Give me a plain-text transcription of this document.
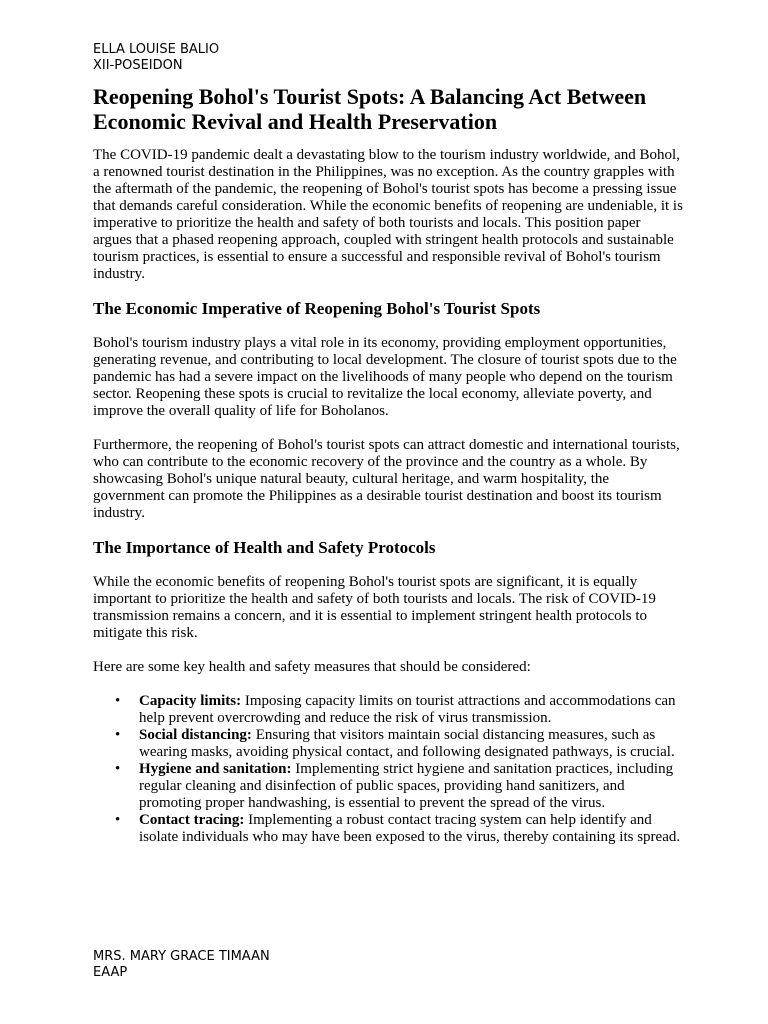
ELLA LOUISE BALIO
XII-POSEIDON
Reopening Bohol's Tourist Spots: A Balancing Act Between Economic Revival and Health Preservation

The COVID-19 pandemic dealt a devastating blow to the tourism industry worldwide, and Bohol, a renowned tourist destination in the Philippines, was no exception. As the country grapples with the aftermath of the pandemic, the reopening of Bohol's tourist spots has become a pressing issue that demands careful consideration. While the economic benefits of reopening are undeniable, it is imperative to prioritize the health and safety of both tourists and locals. This position paper argues that a phased reopening approach, coupled with stringent health protocols and sustainable tourism practices, is essential to ensure a successful and responsible revival of Bohol's tourism industry.

The Economic Imperative of Reopening Bohol's Tourist Spots

Bohol's tourism industry plays a vital role in its economy, providing employment opportunities, generating revenue, and contributing to local development. The closure of tourist spots due to the pandemic has had a severe impact on the livelihoods of many people who depend on the tourism sector. Reopening these spots is crucial to revitalize the local economy, alleviate poverty, and improve the overall quality of life for Boholanos.

Furthermore, the reopening of Bohol's tourist spots can attract domestic and international tourists, who can contribute to the economic recovery of the province and the country as a whole. By showcasing Bohol's unique natural beauty, cultural heritage, and warm hospitality, the government can promote the Philippines as a desirable tourist destination and boost its tourism industry.

The Importance of Health and Safety Protocols

While the economic benefits of reopening Bohol's tourist spots are significant, it is equally important to prioritize the health and safety of both tourists and locals. The risk of COVID-19 transmission remains a concern, and it is essential to implement stringent health protocols to mitigate this risk.

Here are some key health and safety measures that should be considered:

• Capacity limits: Imposing capacity limits on tourist attractions and accommodations can help prevent overcrowding and reduce the risk of virus transmission.
• Social distancing: Ensuring that visitors maintain social distancing measures, such as wearing masks, avoiding physical contact, and following designated pathways, is crucial.
• Hygiene and sanitation: Implementing strict hygiene and sanitation practices, including regular cleaning and disinfection of public spaces, providing hand sanitizers, and promoting proper handwashing, is essential to prevent the spread of the virus.
• Contact tracing: Implementing a robust contact tracing system can help identify and isolate individuals who may have been exposed to the virus, thereby containing its spread.
MRS. MARY GRACE TIMAAN
EAAP
